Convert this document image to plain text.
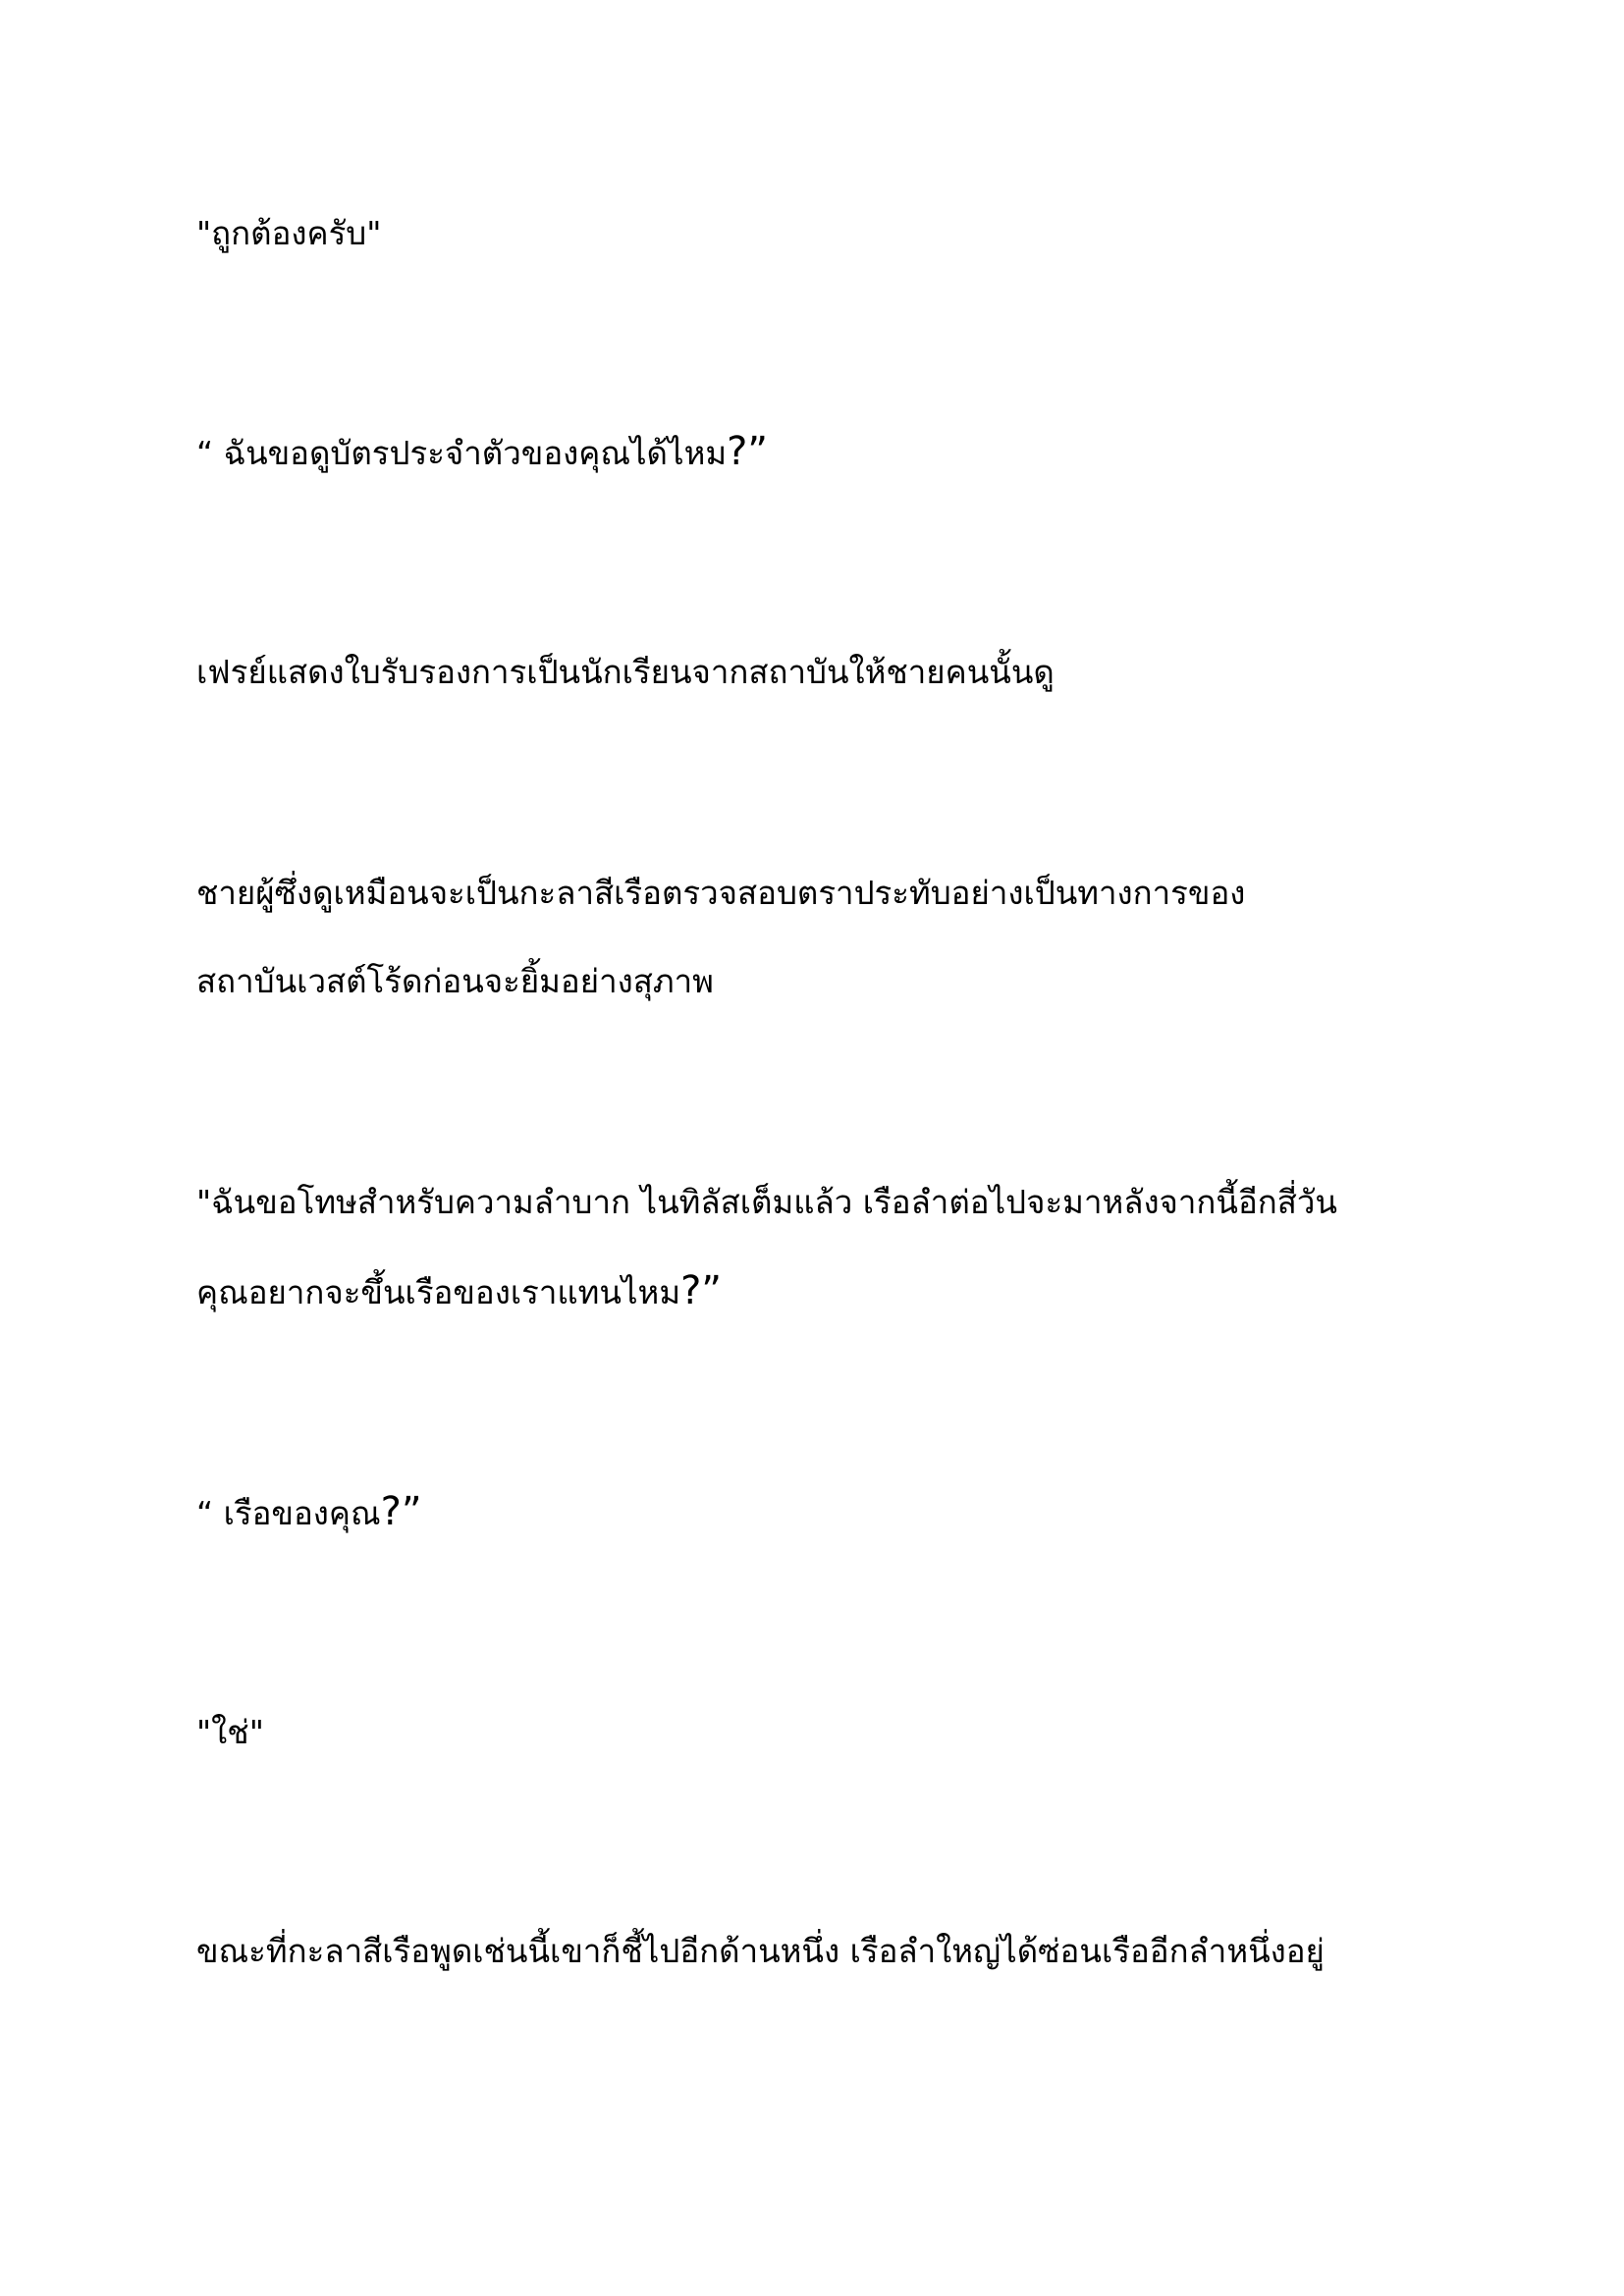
"ถูกต้องครับ"
“ ฉันขอดูบัตรประจำตัวของคุณได้ไหม?”
เฟรย์แสดงใบรับรองการเป็นนักเรียนจากสถาบันให้ชายคนนั้นดู
ชายผู้ซึ่งดูเหมือนจะเป็นกะลาสีเรือตรวจสอบตราประทับอย่างเป็นทางการของ
สถาบันเวสต์โร้ดก่อนจะยิ้มอย่างสุภาพ
"ฉันขอโทษสำหรับความลำบาก ไนทิลัสเต็มแล้ว เรือลำต่อไปจะมาหลังจากนี้อีกสี่วัน
คุณอยากจะขึ้นเรือของเราแทนไหม?”
“ เรือของคุณ?”
"ใช่"
ขณะที่กะลาสีเรือพูดเช่นนี้เขาก็ชี้ไปอีกด้านหนึ่ง เรือลำใหญ่ได้ซ่อนเรืออีกลำหนึ่งอยู่
